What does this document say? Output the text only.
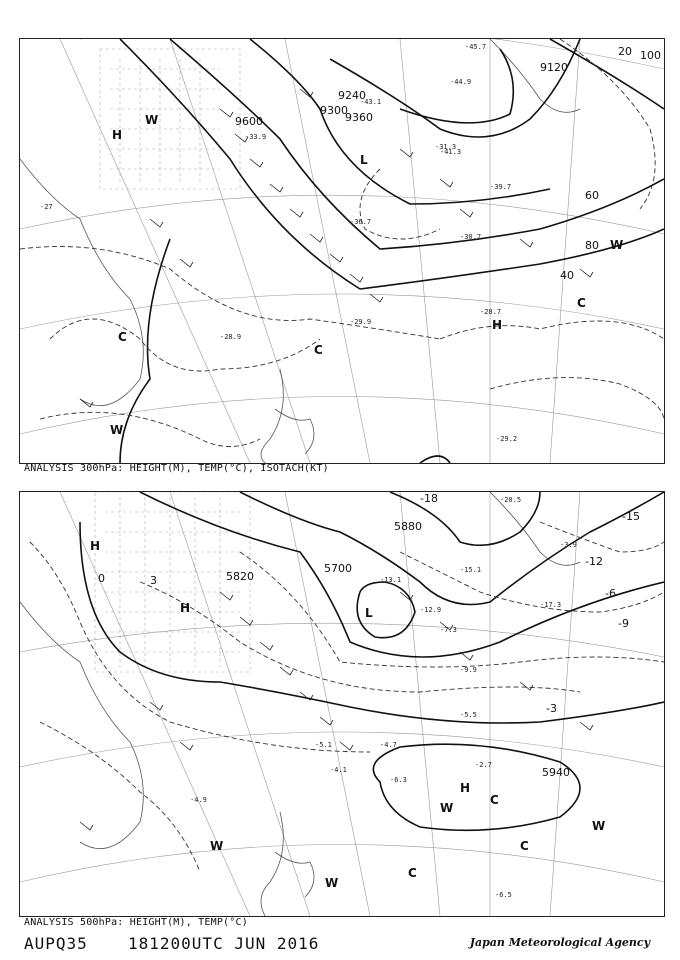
9120
9240
9300
9360
9600
20
40
60
80
100
H
L
H
C
C
C
W
W
W
-27
-28.9
-29.9
-30.7
-31.3
-33.9
-36.7
-39.7
-41.3
-43.1
-44.9
-45.7
-28.7
-29.2
ANALYSIS 300hPa: HEIGHT(M), TEMP(°C), ISOTACH(KT)
5700
5820
5880
5940
0	3
-3
-6
-9
-12
-15
-18
H
H	L
H
C
C
C
W
W
W
W
-6.3
-5.1
-4.1
-4.7
-7.3
-9.9
-13.1
-15.1
-17.3
-20.5
-2.7
-4.9
-6.5
-5.5
-3.9
-12.9
ANALYSIS 500hPa: HEIGHT(M), TEMP(°C)
AUPQ35	181200UTC JUN 2016	Japan Meteorological Agency
